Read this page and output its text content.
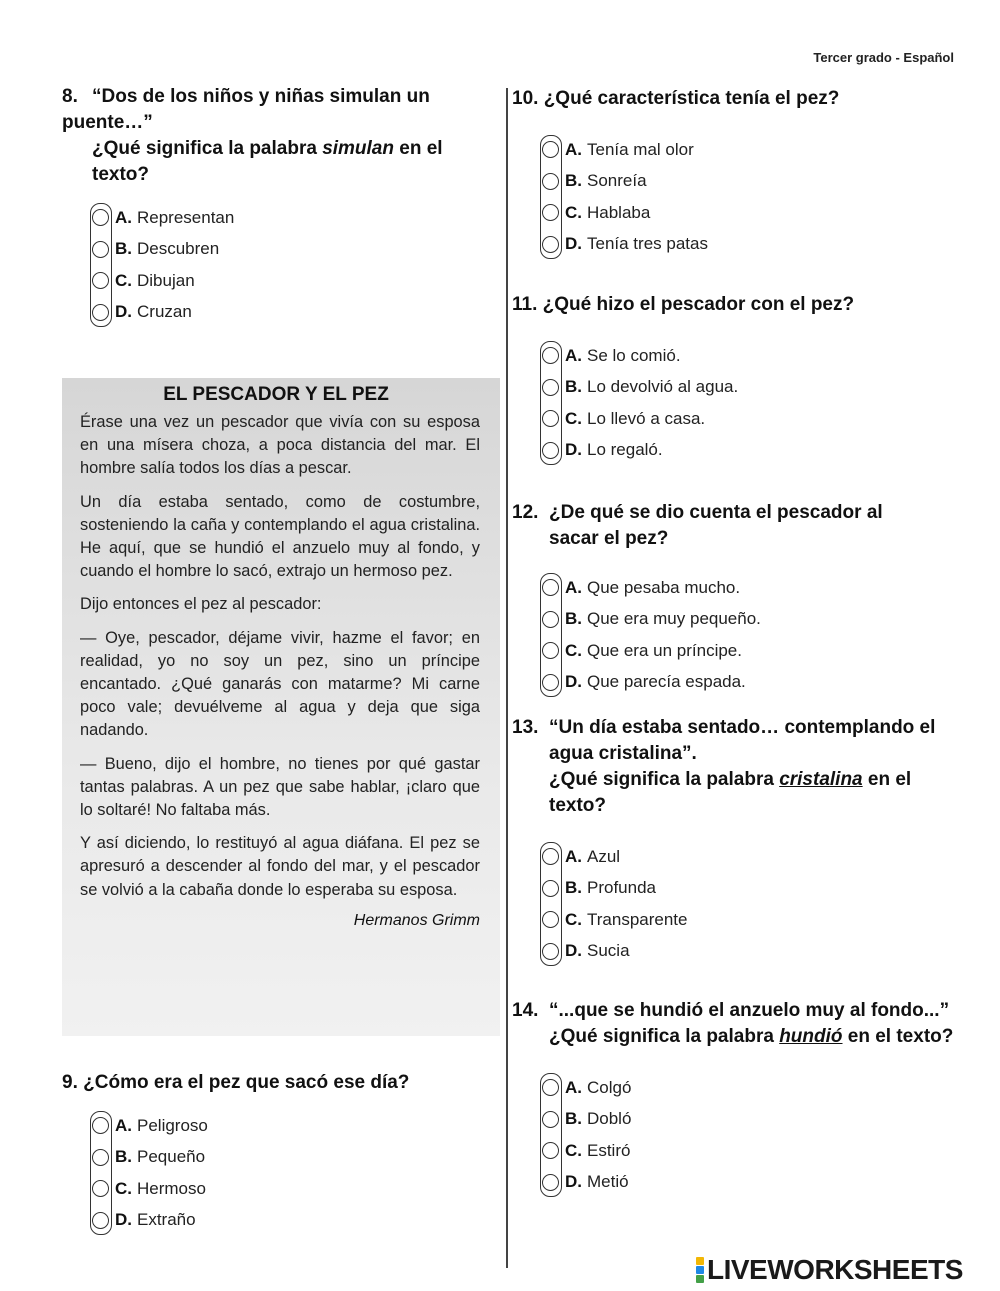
Tercer grado - Español
8. “Dos de los niños y niñas simulan un puente…”
¿Qué significa la palabra simulan en el texto?
A. Representan
B. Descubren
C. Dibujan
D. Cruzan
EL PESCADOR Y EL PEZ

Érase una vez un pescador que vivía con su esposa en una mísera choza, a poca distancia del mar. El hombre salía todos los días a pescar.

Un día estaba sentado, como de costumbre, sosteniendo la caña y contemplando el agua cristalina. He aquí, que se hundió el anzuelo muy al fondo, y cuando el hombre lo sacó, extrajo un hermoso pez.

Dijo entonces el pez al pescador:

— Oye, pescador, déjame vivir, hazme el favor; en realidad, yo no soy un pez, sino un príncipe encantado. ¿Qué ganarás con matarme? Mi carne poco vale; devuélveme al agua y deja que siga nadando.

— Bueno, dijo el hombre, no tienes por qué gastar tantas palabras. A un pez que sabe hablar, ¡claro que lo soltaré! No faltaba más.

Y así diciendo, lo restituyó al agua diáfana. El pez se apresuró a descender al fondo del mar, y el pescador se volvió a la cabaña donde lo esperaba su esposa.

Hermanos Grimm
9. ¿Cómo era el pez que sacó ese día?
A. Peligroso
B. Pequeño
C. Hermoso
D. Extraño
10. ¿Qué característica tenía el pez?
A. Tenía mal olor
B. Sonreía
C. Hablaba
D. Tenía tres patas
11. ¿Qué hizo el pescador con el pez?
A. Se lo comió.
B. Lo devolvió al agua.
C. Lo llevó a casa.
D. Lo regaló.
12. ¿De qué se dio cuenta el pescador al
sacar el pez?
A. Que pesaba mucho.
B. Que era muy pequeño.
C. Que era un príncipe.
D. Que parecía espada.
13. “Un día estaba sentado… contemplando el agua cristalina”.
¿Qué significa la palabra cristalina en el texto?
A. Azul
B. Profunda
C. Transparente
D. Sucia
14. “...que se hundió el anzuelo muy al fondo...”
¿Qué significa la palabra hundió en el texto?
A. Colgó
B. Dobló
C. Estiró
D. Metió
LIVEWORKSHEETS
